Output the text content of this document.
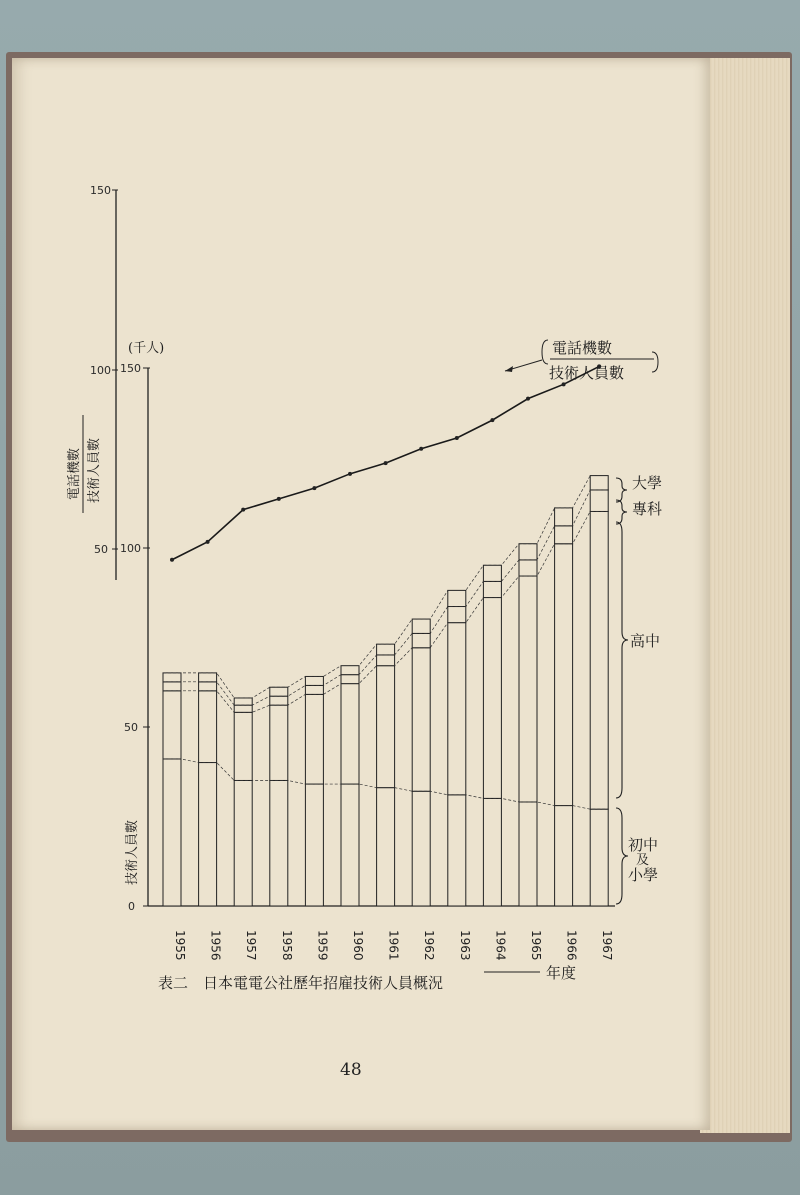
150
100
50
電話機數 技術人員數
150
100
50
0
(千人)
技術人員數
1955 1956 1957 1958 1959 1960 1961 1962 1963 1964 1965 1966 1967
大學
專科
高中
初中
及
小學
電話機數
技術人員數
表二　日本電電公社歷年招雇技術人員概況
年度
48
